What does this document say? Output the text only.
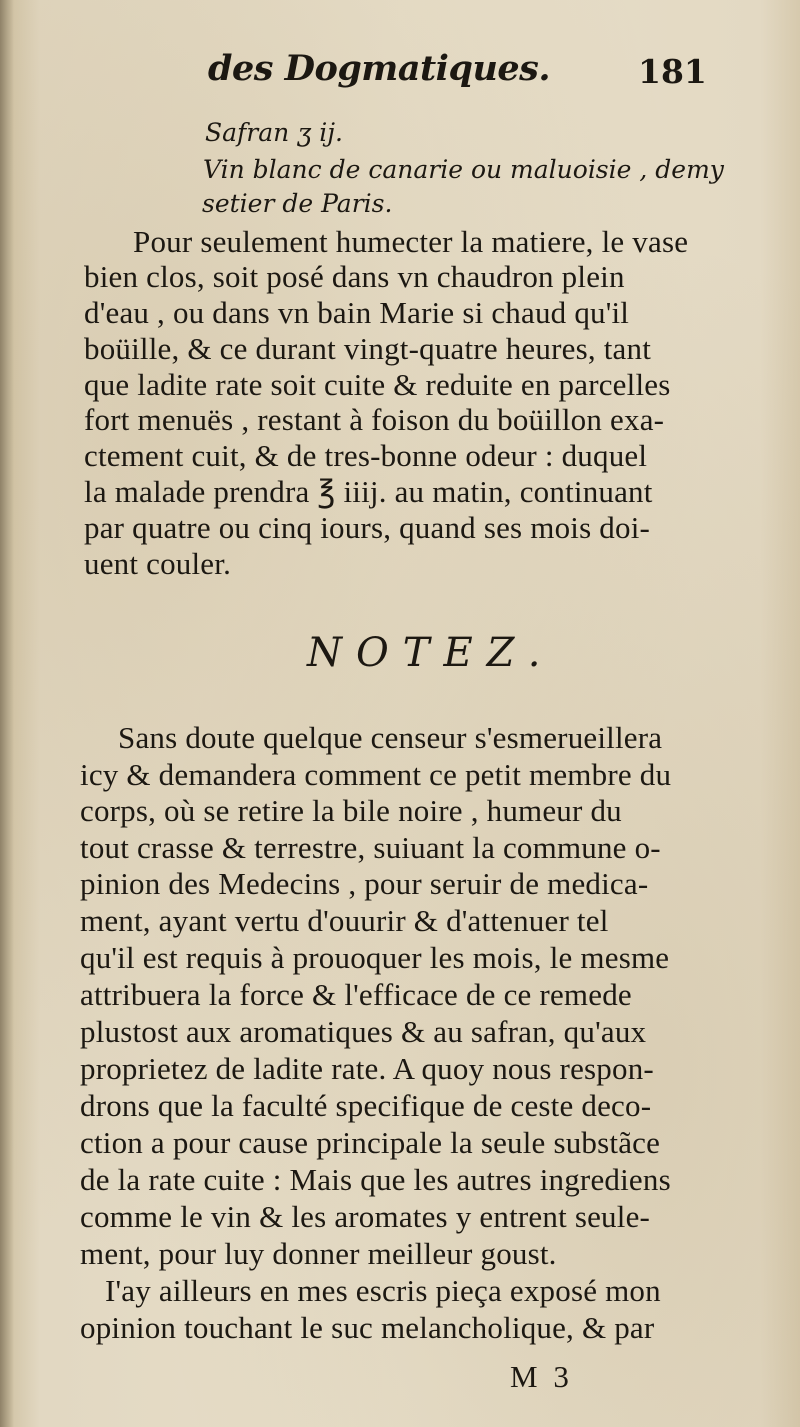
des Dogmatiques.	181
Safran ʒ ij.
Vin blanc de canarie ou maluoisie , demy
setier de Paris.
Pour seulement humecter la matiere, le vase
bien clos, soit posé dans vn chaudron plein
d'eau , ou dans vn bain Marie si chaud qu'il
boüille, & ce durant vingt-quatre heures, tant
que ladite rate soit cuite & reduite en parcelles
fort menuës , restant à foison du boüillon exa-
ctement cuit, & de tres-bonne odeur : duquel
la malade prendra ℥ iiij. au matin, continuant
par quatre ou cinq iours, quand ses mois doi-
uent couler.
NOTEZ.
Sans doute quelque censeur s'esmerueillera
icy & demandera comment ce petit membre du
corps, où se retire la bile noire , humeur du
tout crasse & terrestre, suiuant la commune o-
pinion des Medecins , pour seruir de medica-
ment, ayant vertu d'ouurir & d'attenuer tel
qu'il est requis à prouoquer les mois, le mesme
attribuera la force & l'efficace de ce remede
plustost aux aromatiques & au safran, qu'aux
proprietez de ladite rate. A quoy nous respon-
drons que la faculté specifique de ceste deco-
ction a pour cause principale la seule substãce
de la rate cuite : Mais que les autres ingrediens
comme le vin & les aromates y entrent seule-
ment, pour luy donner meilleur goust.
I'ay ailleurs en mes escris pieça exposé mon
opinion touchant le suc melancholique, & par
M 3
